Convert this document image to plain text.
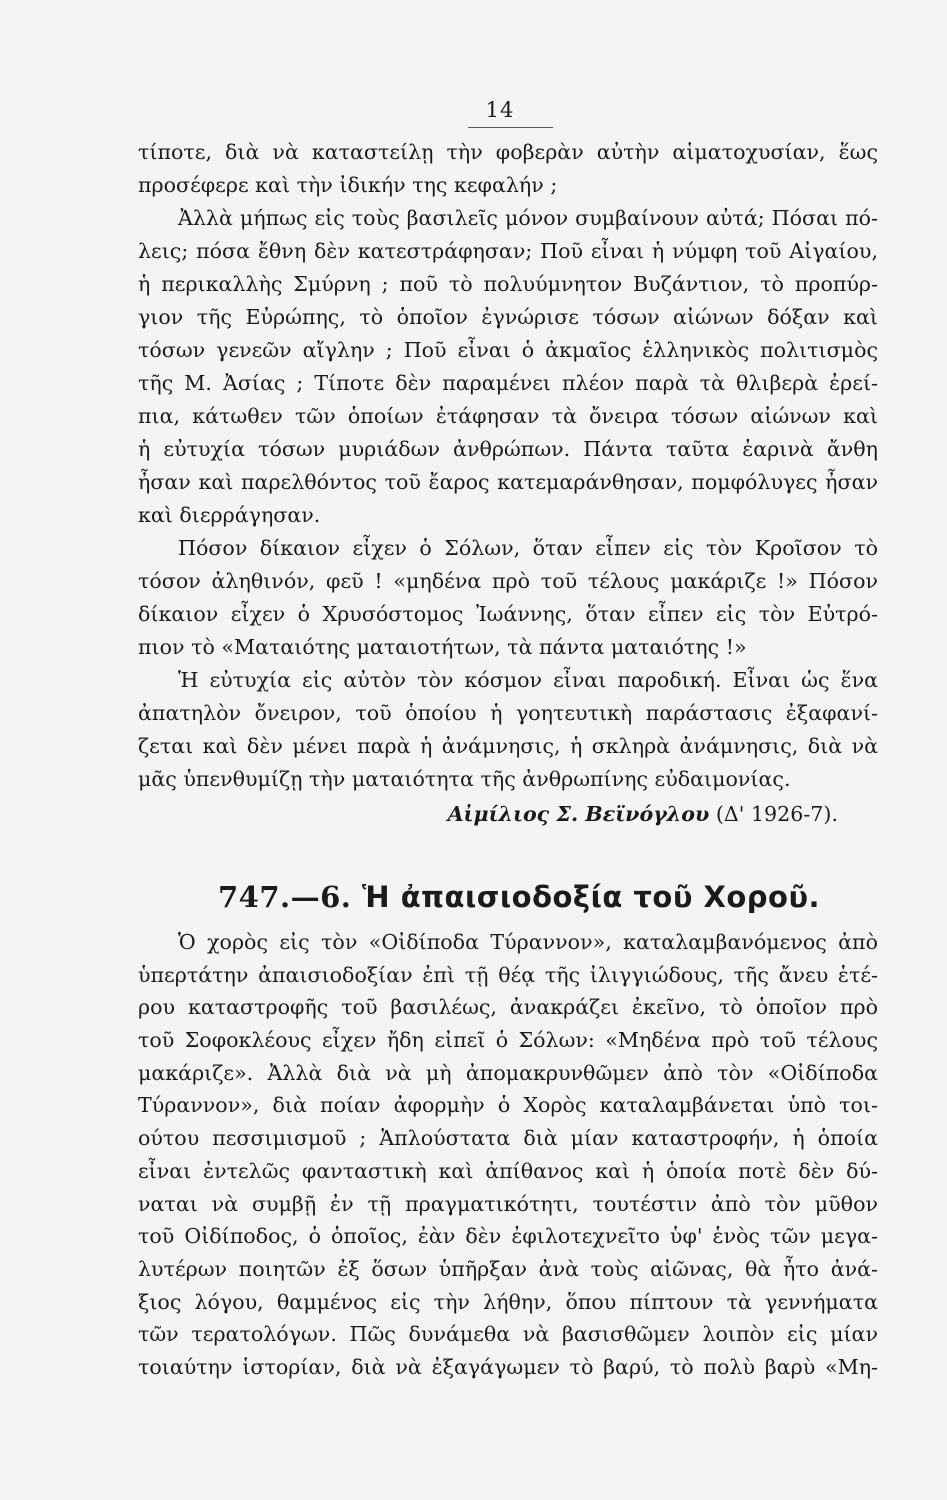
14
τίποτε, διὰ νὰ καταστείλῃ τὴν φοβερὰν αὐτὴν αἱματοχυσίαν, ἕως
προσέφερε καὶ τὴν ἰδικήν της κεφαλήν ;
Ἀλλὰ μήπως εἰς τοὺς βασιλεῖς μόνον συμβαίνουν αὐτά; Πόσαι πό-
λεις; πόσα ἔθνη δὲν κατεστράφησαν; Ποῦ εἶναι ἡ νύμφη τοῦ Αἰγαίου,
ἡ περικαλλὴς Σμύρνη ; ποῦ τὸ πολυύμνητον Βυζάντιον, τὸ προπύρ-
γιον τῆς Εὐρώπης, τὸ ὁποῖον ἐγνώρισε τόσων αἰώνων δόξαν καὶ
τόσων γενεῶν αἴγλην ; Ποῦ εἶναι ὁ ἀκμαῖος ἑλληνικὸς πολιτισμὸς
τῆς Μ. Ἀσίας ; Τίποτε δὲν παραμένει πλέον παρὰ τὰ θλιβερὰ ἐρεί-
πια, κάτωθεν τῶν ὁποίων ἐτάφησαν τὰ ὄνειρα τόσων αἰώνων καὶ
ἡ εὐτυχία τόσων μυριάδων ἀνθρώπων. Πάντα ταῦτα ἐαρινὰ ἄνθη
ἦσαν καὶ παρελθόντος τοῦ ἔαρος κατεμαράνθησαν, πομφόλυγες ἦσαν
καὶ διερράγησαν.
Πόσον δίκαιον εἶχεν ὁ Σόλων, ὅταν εἶπεν εἰς τὸν Κροῖσον τὸ
τόσον ἀληθινόν, φεῦ ! «μηδένα πρὸ τοῦ τέλους μακάριζε !» Πόσον
δίκαιον εἶχεν ὁ Χρυσόστομος Ἰωάννης, ὅταν εἶπεν εἰς τὸν Εὐτρό-
πιον τὸ «Ματαιότης ματαιοτήτων, τὰ πάντα ματαιότης !»
Ἡ εὐτυχία εἰς αὐτὸν τὸν κόσμον εἶναι παροδική. Εἶναι ὡς ἕνα
ἀπατηλὸν ὄνειρον, τοῦ ὁποίου ἡ γοητευτικὴ παράστασις ἐξαφανί-
ζεται καὶ δὲν μένει παρὰ ἡ ἀνάμνησις, ἡ σκληρὰ ἀνάμνησις, διὰ νὰ
μᾶς ὑπενθυμίζῃ τὴν ματαιότητα τῆς ἀνθρωπίνης εὐδαιμονίας.
Αἰμίλιος Σ. Βεϊνόγλου (Δ' 1926-7).
747.—6. Ἡ ἀπαισιοδοξία τοῦ Χοροῦ.
Ὁ χορὸς εἰς τὸν «Οἰδίποδα Τύραννον», καταλαμβανόμενος ἀπὸ
ὑπερτάτην ἀπαισιοδοξίαν ἐπὶ τῇ θέᾳ τῆς ἰλιγγιώδους, τῆς ἄνευ ἑτέ-
ρου καταστροφῆς τοῦ βασιλέως, ἀνακράζει ἐκεῖνο, τὸ ὁποῖον πρὸ
τοῦ Σοφοκλέους εἶχεν ἤδη εἰπεῖ ὁ Σόλων: «Μηδένα πρὸ τοῦ τέλους
μακάριζε». Ἀλλὰ διὰ νὰ μὴ ἀπομακρυνθῶμεν ἀπὸ τὸν «Οἰδίποδα
Τύραννον», διὰ ποίαν ἀφορμὴν ὁ Χορὸς καταλαμβάνεται ὑπὸ τοι-
ούτου πεσσιμισμοῦ ; Ἁπλούστατα διὰ μίαν καταστροφήν, ἡ ὁποία
εἶναι ἐντελῶς φανταστικὴ καὶ ἀπίθανος καὶ ἡ ὁποία ποτὲ δὲν δύ-
ναται νὰ συμβῇ ἐν τῇ πραγματικότητι, τουτέστιν ἀπὸ τὸν μῦθον
τοῦ Οἰδίποδος, ὁ ὁποῖος, ἐὰν δὲν ἐφιλοτεχνεῖτο ὑφ' ἑνὸς τῶν μεγα-
λυτέρων ποιητῶν ἐξ ὅσων ὑπῆρξαν ἀνὰ τοὺς αἰῶνας, θὰ ἦτο ἀνά-
ξιος λόγου, θαμμένος εἰς τὴν λήθην, ὅπου πίπτουν τὰ γεννήματα
τῶν τερατολόγων. Πῶς δυνάμεθα νὰ βασισθῶμεν λοιπὸν εἰς μίαν
τοιαύτην ἱστορίαν, διὰ νὰ ἐξαγάγωμεν τὸ βαρύ, τὸ πολὺ βαρὺ «Μη-
